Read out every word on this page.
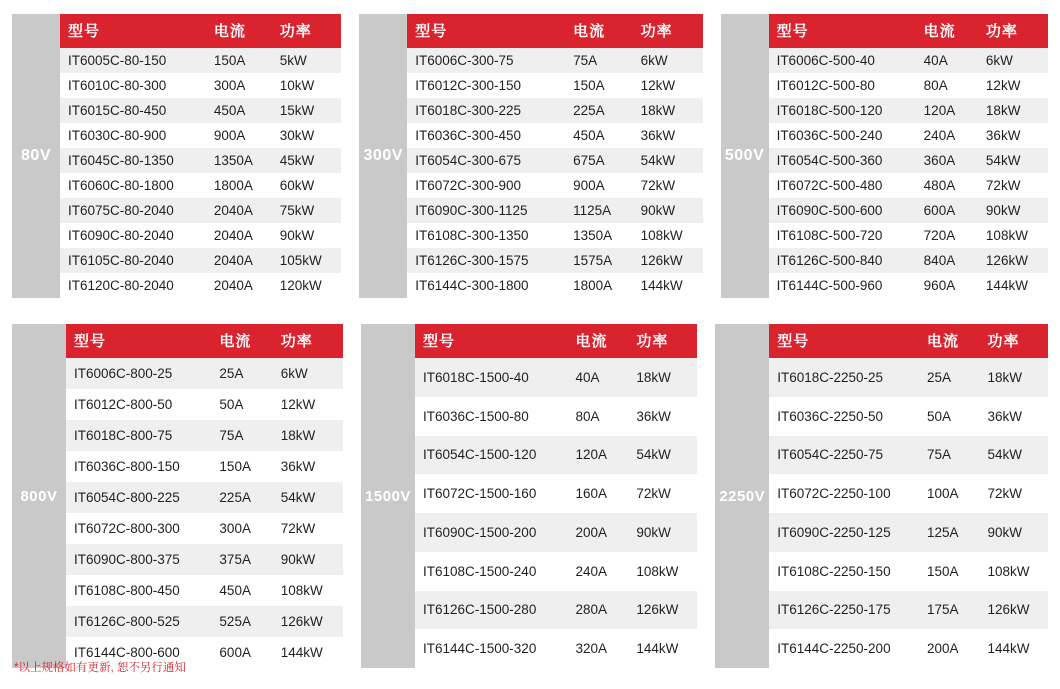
80V
型号	电流	功率
IT6005C-80-150	150A	5kW
IT6010C-80-300	300A	10kW
IT6015C-80-450	450A	15kW
IT6030C-80-900	900A	30kW
IT6045C-80-1350	1350A	45kW
IT6060C-80-1800	1800A	60kW
IT6075C-80-2040	2040A	75kW
IT6090C-80-2040	2040A	90kW
IT6105C-80-2040	2040A	105kW
IT6120C-80-2040	2040A	120kW
300V
型号	电流	功率
IT6006C-300-75	75A	6kW
IT6012C-300-150	150A	12kW
IT6018C-300-225	225A	18kW
IT6036C-300-450	450A	36kW
IT6054C-300-675	675A	54kW
IT6072C-300-900	900A	72kW
IT6090C-300-1125	1125A	90kW
IT6108C-300-1350	1350A	108kW
IT6126C-300-1575	1575A	126kW
IT6144C-300-1800	1800A	144kW
500V
型号	电流	功率
IT6006C-500-40	40A	6kW
IT6012C-500-80	80A	12kW
IT6018C-500-120	120A	18kW
IT6036C-500-240	240A	36kW
IT6054C-500-360	360A	54kW
IT6072C-500-480	480A	72kW
IT6090C-500-600	600A	90kW
IT6108C-500-720	720A	108kW
IT6126C-500-840	840A	126kW
IT6144C-500-960	960A	144kW
800V
型号	电流	功率
IT6006C-800-25	25A	6kW
IT6012C-800-50	50A	12kW
IT6018C-800-75	75A	18kW
IT6036C-800-150	150A	36kW
IT6054C-800-225	225A	54kW
IT6072C-800-300	300A	72kW
IT6090C-800-375	375A	90kW
IT6108C-800-450	450A	108kW
IT6126C-800-525	525A	126kW
IT6144C-800-600	600A	144kW
1500V
型号	电流	功率
IT6018C-1500-40	40A	18kW
IT6036C-1500-80	80A	36kW
IT6054C-1500-120	120A	54kW
IT6072C-1500-160	160A	72kW
IT6090C-1500-200	200A	90kW
IT6108C-1500-240	240A	108kW
IT6126C-1500-280	280A	126kW
IT6144C-1500-320	320A	144kW
2250V
型号	电流	功率
IT6018C-2250-25	25A	18kW
IT6036C-2250-50	50A	36kW
IT6054C-2250-75	75A	54kW
IT6072C-2250-100	100A	72kW
IT6090C-2250-125	125A	90kW
IT6108C-2250-150	150A	108kW
IT6126C-2250-175	175A	126kW
IT6144C-2250-200	200A	144kW
*以上规格如有更新, 恕不另行通知
